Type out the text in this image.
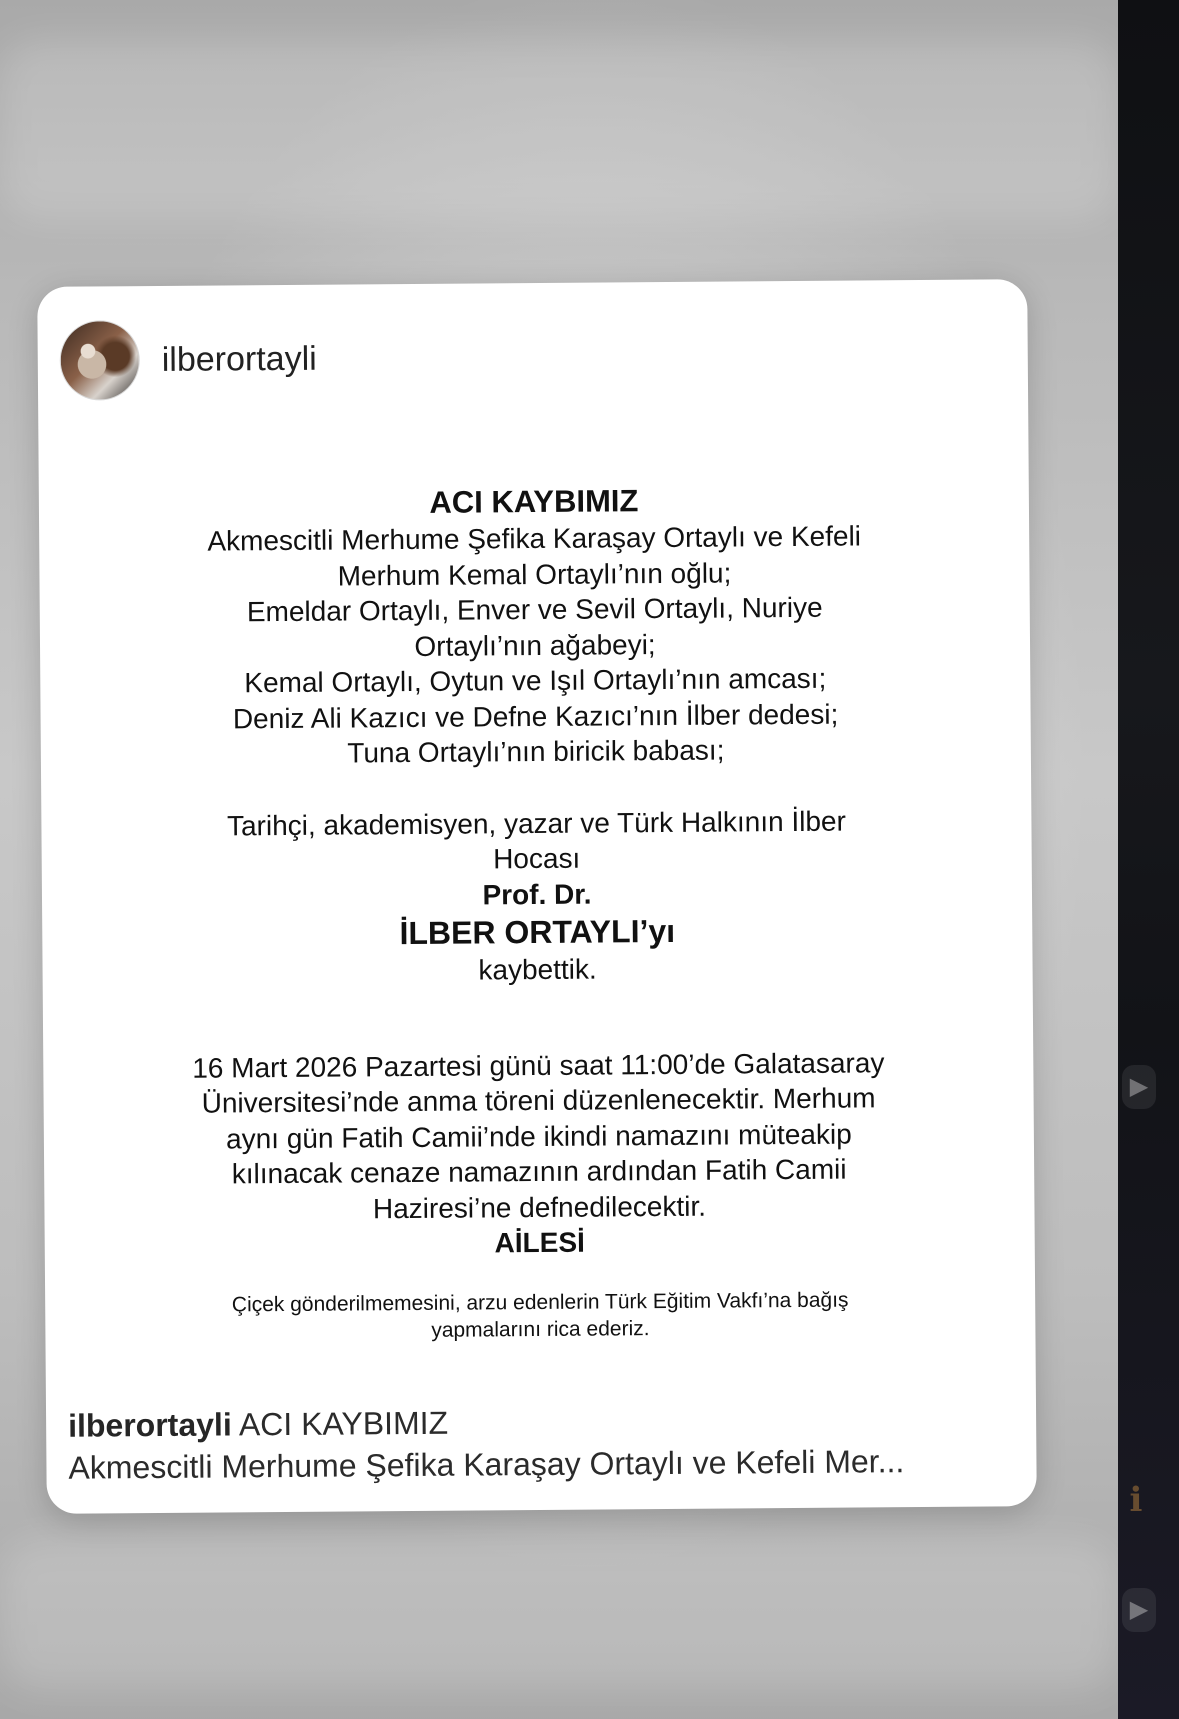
▶
i
▶
ilberortayli
ACI KAYBIMIZ
Akmescitli Merhume Şefika Karaşay Ortaylı ve Kefeli
Merhum Kemal Ortaylı’nın oğlu;
Emeldar Ortaylı, Enver ve Sevil Ortaylı, Nuriye
Ortaylı’nın ağabeyi;
Kemal Ortaylı, Oytun ve Işıl Ortaylı’nın amcası;
Deniz Ali Kazıcı ve Defne Kazıcı’nın İlber dedesi;
Tuna Ortaylı’nın biricik babası;
Tarihçi, akademisyen, yazar ve Türk Halkının İlber
Hocası
Prof. Dr.
İLBER ORTAYLI’yı
kaybettik.
16 Mart 2026 Pazartesi günü saat 11:00’de Galatasaray
Üniversitesi’nde anma töreni düzenlenecektir. Merhum
aynı gün Fatih Camii’nde ikindi namazını müteakip
kılınacak cenaze namazının ardından Fatih Camii
Haziresi’ne defnedilecektir.
AİLESİ
Çiçek gönderilmemesini, arzu edenlerin Türk Eğitim Vakfı’na bağış
yapmalarını rica ederiz.
ilberortayli ACI KAYBIMIZ
Akmescitli Merhume Şefika Karaşay Ortaylı ve Kefeli Mer...
